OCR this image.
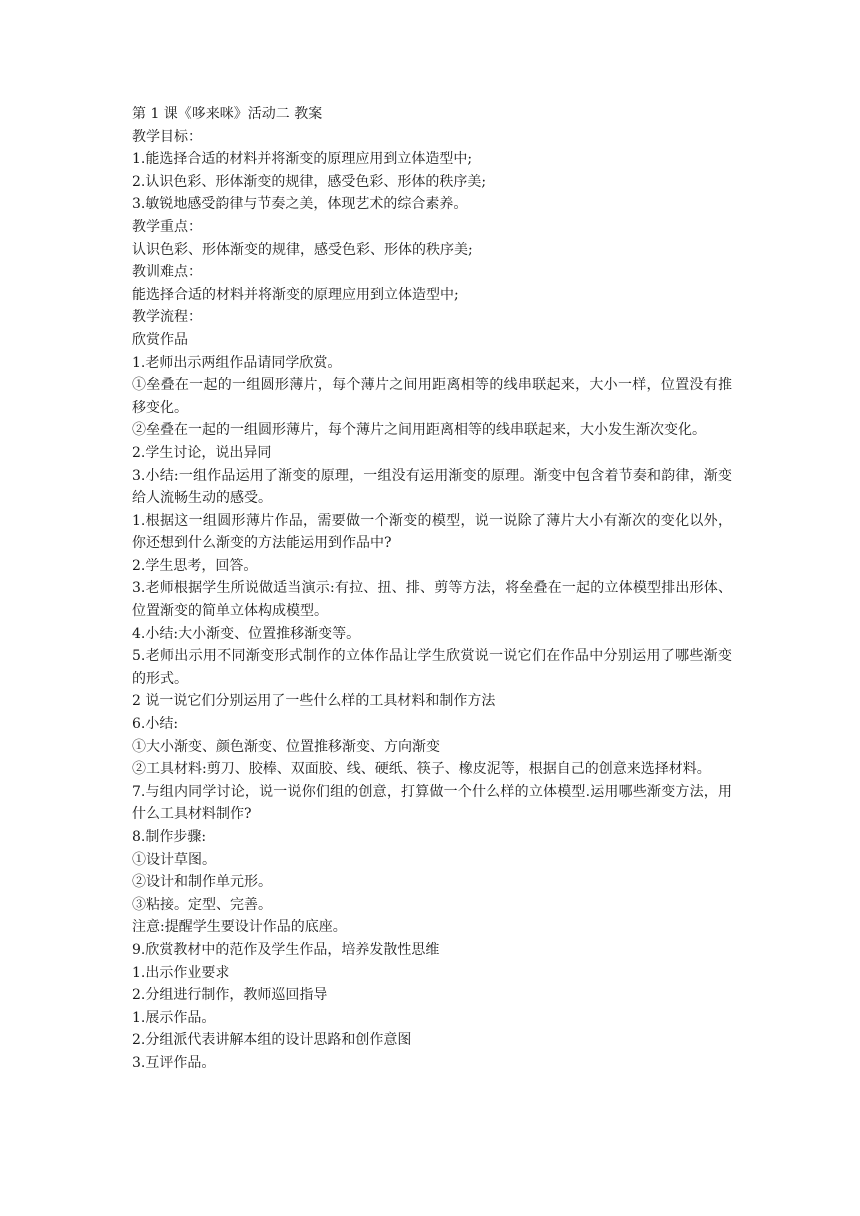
第 1 课《哆来咪》活动二 教案
教学目标：
1.能选择合适的材料并将渐变的原理应用到立体造型中;
2.认识色彩、形体渐变的规律，感受色彩、形体的秩序美;
3.敏锐地感受韵律与节奏之美，体现艺术的综合素养。
教学重点：
认识色彩、形体渐变的规律，感受色彩、形体的秩序美;
教训难点：
能选择合适的材料并将渐变的原理应用到立体造型中;
教学流程：
欣赏作品
1.老师出示两组作品请同学欣赏。
①垒叠在一起的一组圆形薄片，每个薄片之间用距离相等的线串联起来，大小一样，位置没有推移变化。
②垒叠在一起的一组圆形薄片，每个薄片之间用距离相等的线串联起来，大小发生渐次变化。
2.学生讨论，说出异同
3.小结:一组作品运用了渐变的原理，一组没有运用渐变的原理。渐变中包含着节奏和韵律，渐变给人流畅生动的感受。
1.根据这一组圆形薄片作品，需要做一个渐变的模型，说一说除了薄片大小有渐次的变化以外，你还想到什么渐变的方法能运用到作品中?
2.学生思考，回答。
3.老师根据学生所说做适当演示:有拉、扭、排、剪等方法，将垒叠在一起的立体模型排出形体、位置渐变的简单立体构成模型。
4.小结:大小渐变、位置推移渐变等。
5.老师出示用不同渐变形式制作的立体作品让学生欣赏说一说它们在作品中分别运用了哪些渐变的形式。
2 说一说它们分别运用了一些什么样的工具材料和制作方法
6.小结:
①大小渐变、颜色渐变、位置推移渐变、方向渐变
②工具材料:剪刀、胶棒、双面胶、线、硬纸、筷子、橡皮泥等，根据自己的创意来选择材料。
7.与组内同学讨论，说一说你们组的创意，打算做一个什么样的立体模型.运用哪些渐变方法，用什么工具材料制作?
8.制作步骤:
①设计草图。
②设计和制作单元形。
③粘接。定型、完善。
注意:提醒学生要设计作品的底座。
9.欣赏教材中的范作及学生作品，培养发散性思维
1.出示作业要求
2.分组进行制作，教师巡回指导
1.展示作品。
2.分组派代表讲解本组的设计思路和创作意图
3.互评作品。
